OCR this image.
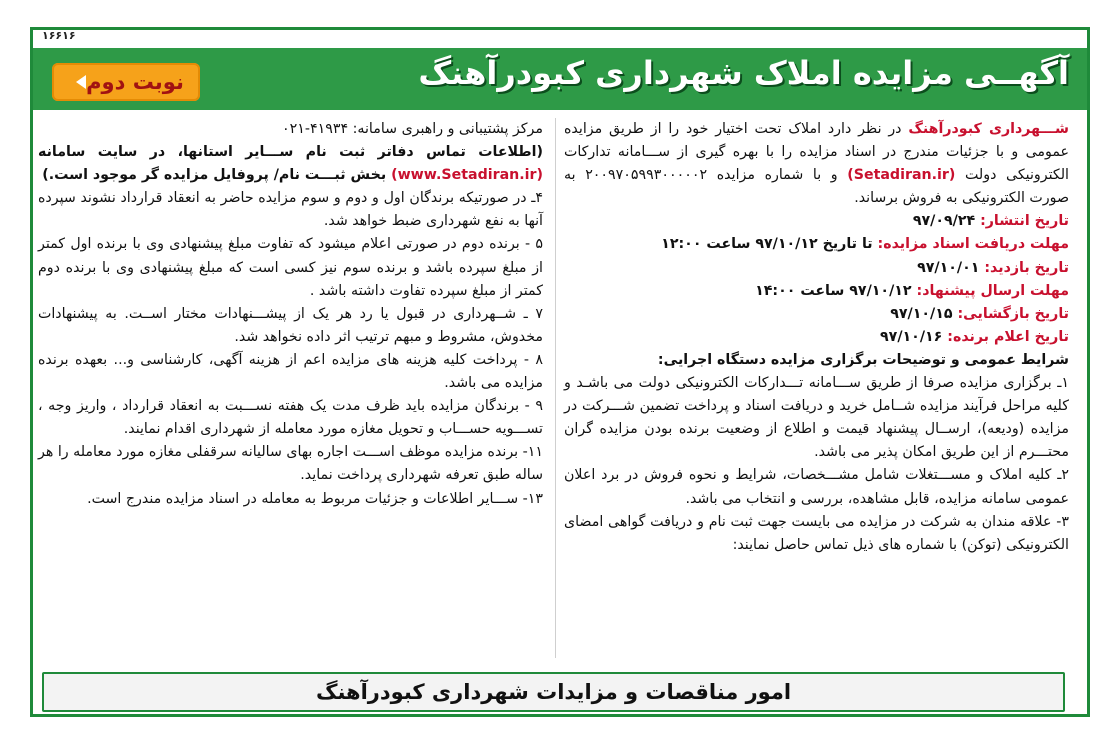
۱۶۶۱۶
آگهــی مزایده املاک شهرداری کبودرآهنگ
نوبت دوم

شـــهرداری کبودرآهنگ در نظر دارد املاک تحت اختیار خود را از طریق مزایده عمومی و با جزئیات مندرج در اسناد مزایده را با بهره گیری از ســـامانه تدارکات الکترونیکی دولت (Setadiran.ir) و با شماره مزایده ۲۰۰۹۷۰۵۹۹۳۰۰۰۰۰۲ به صورت الکترونیکی به فروش برساند.

تاریخ انتشار: ۹۷/۰۹/۲۴
مهلت دریافت اسناد مزایده: تا تاریخ ۹۷/۱۰/۱۲ ساعت ۱۲:۰۰
تاریخ بازدید: ۹۷/۱۰/۰۱
مهلت ارسال پیشنهاد: ۹۷/۱۰/۱۲ ساعت ۱۴:۰۰
تاریخ بازگشایی: ۹۷/۱۰/۱۵
تاریخ اعلام برنده: ۹۷/۱۰/۱۶

شرایط عمومی و توضیحات برگزاری مزایده دستگاه اجرایی:

۱ـ برگزاری مزایده صرفا از طریق ســـامانه تـــدارکات الکترونیکی دولت می باشـد و کلیه مراحل فرآیند مزایده شــامل خرید و دریافت اسناد و پرداخت تضمین شـــرکت در مزایده (ودیعه)، ارســال پیشنهاد قیمت و اطلاع از وضعیت برنده بودن مزایده گران محتـــرم از این طریق امکان پذیر می باشد.

۲ـ کلیه املاک و مســـتغلات شامل مشـــخصات، شرایط و نحوه فروش در برد اعلان عمومی سامانه مزایده، قابل مشاهده، بررسی و انتخاب می باشد.

۳- علاقه مندان به شرکت در مزایده می بایست جهت ثبت نام و دریافت گواهی امضای الکترونیکی (توکن) با شماره های ذیل تماس حاصل نمایند:

مرکز پشتیبانی و راهبری سامانه: ۴۱۹۳۴-۰۲۱

(اطلاعات تماس دفاتر ثبت نام ســـایر استانها، در سایت سامانه (www.Setadiran.ir) بخش ثبـــت نام/ پروفایل مزایده گر موجود است.)

۴ـ در صورتیکه برندگان اول و دوم و سوم مزایده حاضر به انعقاد قرارداد نشوند سپرده آنها به نفع شهرداری ضبط خواهد شد.

۵ - برنده دوم در صورتی اعلام میشود که تفاوت مبلغ پیشنهادی وی با برنده اول کمتر از مبلغ سپرده باشد و برنده سوم نیز کسی است که مبلغ پیشنهادی وی با برنده دوم کمتر از مبلغ سپرده تفاوت داشته باشد .

۷ ـ شــهرداری در قبول یا رد هر یک از پیشـــنهادات مختار اســت. به پیشنهادات مخدوش، مشروط و مبهم ترتیب اثر داده نخواهد شد.

۸ - پرداخت کلیه هزینه های مزایده اعم از هزینه آگهی، کارشناسی و... بعهده برنده مزایده می باشد.

۹ - برندگان مزایده باید ظرف مدت یک هفته نســـبت به انعقاد قرارداد ، واریز وجه ، تســـویه حســـاب و تحویل مغازه مورد معامله از شهرداری اقدام نمایند.

۱۱- برنده مزایده موظف اســـت اجاره بهای سالیانه سرقفلی مغازه مورد معامله را هر ساله طبق تعرفه شهرداری پرداخت نماید.

۱۳- ســـایر اطلاعات و جزئیات مربوط به معامله در اسناد مزایده مندرج است.

امور مناقصات و مزایدات شهرداری کبودرآهنگ
